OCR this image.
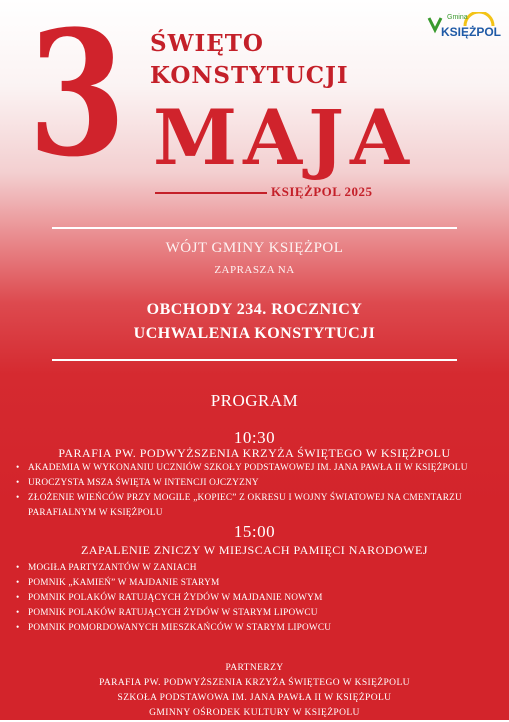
3 ŚWIĘTO
KONSTYTUCJI
MAJA
KSIĘŻPOL 2025
Gmina
KSIĘŻPOL
WÓJT GMINY KSIĘŻPOL
ZAPRASZA NA
OBCHODY 234. ROCZNICY
UCHWALENIA KONSTYTUCJI
PROGRAM
10:30
PARAFIA PW. PODWYŻSZENIA KRZYŻA ŚWIĘTEGO W KSIĘŻPOLU
• AKADEMIA W WYKONANIU UCZNIÓW SZKOŁY PODSTAWOWEJ IM. JANA PAWŁA II W KSIĘŻPOLU
• UROCZYSTA MSZA ŚWIĘTA W INTENCJI OJCZYZNY
• ZŁOŻENIE WIEŃCÓW PRZY MOGILE „KOPIEC” Z OKRESU I WOJNY ŚWIATOWEJ NA CMENTARZU
PARAFIALNYM W KSIĘŻPOLU
15:00
ZAPALENIE ZNICZY W MIEJSCACH PAMIĘCI NARODOWEJ
• MOGIŁA PARTYZANTÓW W ZANIACH
• POMNIK „KAMIEŃ” W MAJDANIE STARYM
• POMNIK POLAKÓW RATUJĄCYCH ŻYDÓW W MAJDANIE NOWYM
• POMNIK POLAKÓW RATUJĄCYCH ŻYDÓW W STARYM LIPOWCU
• POMNIK POMORDOWANYCH MIESZKAŃCÓW W STARYM LIPOWCU
PARTNERZY
PARAFIA PW. PODWYŻSZENIA KRZYŻA ŚWIĘTEGO W KSIĘŻPOLU
SZKOŁA PODSTAWOWA IM. JANA PAWŁA II W KSIĘŻPOLU
GMINNY OŚRODEK KULTURY W KSIĘŻPOLU
